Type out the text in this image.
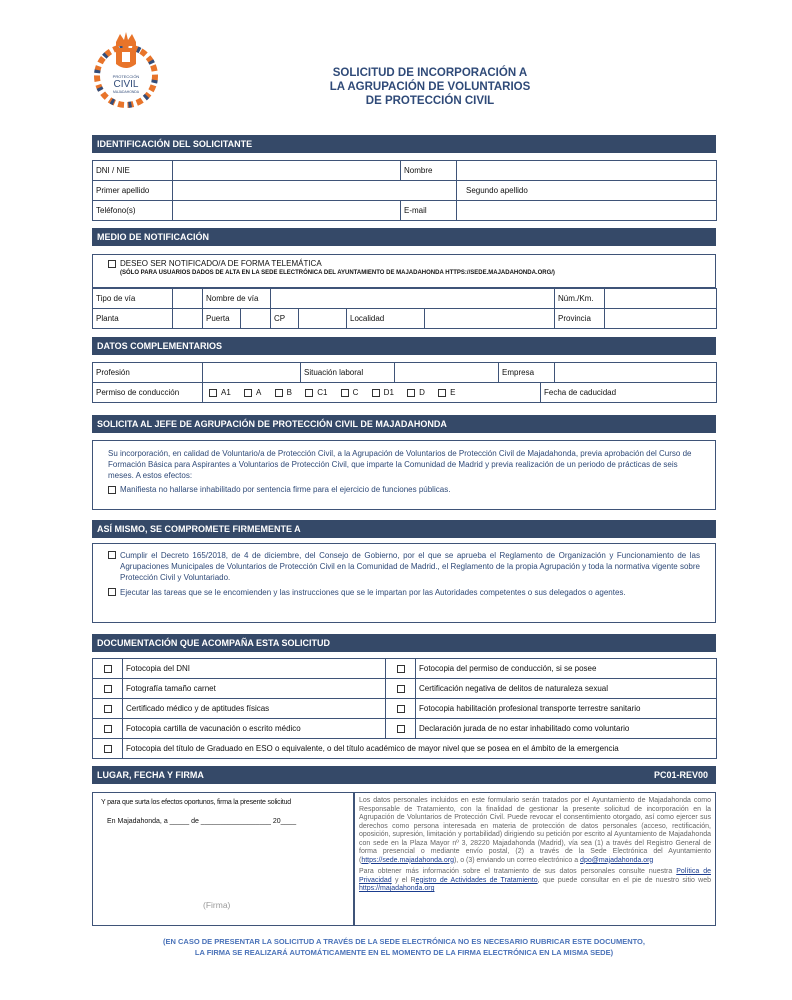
PROTECCIÓN
CIVIL
MAJADAHONDA
SOLICITUD DE INCORPORACIÓN A
LA AGRUPACIÓN DE VOLUNTARIOS
DE PROTECCIÓN CIVIL
IDENTIFICACIÓN DEL SOLICITANTE
DNI / NIE		Nombre	
Primer apellido			Segundo apellido
Teléfono(s)		E-mail	
MEDIO DE NOTIFICACIÓN
DESEO SER NOTIFICADO/A DE FORMA TELEMÁTICA
(SÓLO PARA USUARIOS DADOS DE ALTA EN LA SEDE ELECTRÓNICA DEL AYUNTAMIENTO DE MAJADAHONDA HTTPS://SEDE.MAJADAHONDA.ORG/)
Tipo de vía		Nombre de vía						Núm./Km.	
Planta		Puerta		CP		Localidad		Provincia	
DATOS COMPLEMENTARIOS
Profesión		Situación laboral		Empresa	
Permiso de conducción	A1	A	B	C1	C	D1	D	E	Fecha de caducidad
SOLICITA AL JEFE DE AGRUPACIÓN DE PROTECCIÓN CIVIL DE MAJADAHONDA
Su incorporación, en calidad de Voluntario/a de Protección Civil, a la Agrupación de Voluntarios de Protección Civil de Majadahonda, previa aprobación del Curso de Formación Básica para Aspirantes a Voluntarios de Protección Civil, que imparte la Comunidad de Madrid y previa realización de un periodo de prácticas de seis meses. A estos efectos:
Manifiesta no hallarse inhabilitado por sentencia firme para el ejercicio de funciones públicas.
ASÍ MISMO, SE COMPROMETE FIRMEMENTE A
Cumplir el Decreto 165/2018, de 4 de diciembre, del Consejo de Gobierno, por el que se aprueba el Reglamento de Organización y Funcionamiento de las Agrupaciones Municipales de Voluntarios de Protección Civil en la Comunidad de Madrid., el Reglamento de la propia Agrupación y toda la normativa vigente sobre Protección Civil y Voluntariado.
Ejecutar las tareas que se le encomienden y las instrucciones que se le impartan por las Autoridades competentes o sus delegados o agentes.
DOCUMENTACIÓN QUE ACOMPAÑA ESTA SOLICITUD
	Fotocopia del DNI		Fotocopia del permiso de conducción, si se posee
	Fotografía tamaño carnet		Certificación negativa de delitos de naturaleza sexual
	Certificado médico y de aptitudes físicas		Fotocopia habilitación profesional transporte terrestre sanitario
	Fotocopia cartilla de vacunación o escrito médico		Declaración jurada de no estar inhabilitado como voluntario
	Fotocopia del título de Graduado en ESO o equivalente, o del título académico de mayor nivel que se posea en el ámbito de la emergencia		
LUGAR, FECHA Y FIRMA	PC01-REV00
Y para que surta los efectos oportunos, firma la presente solicitud
En Majadahonda, a _____ de __________________ 20____
(Firma)
Los datos personales incluidos en este formulario serán tratados por el Ayuntamiento de Majadahonda como Responsable de Tratamiento, con la finalidad de gestionar la presente solicitud de incorporación en la Agrupación de Voluntarios de Protección Civil. Puede revocar el consentimiento otorgado, así como ejercer sus derechos como persona interesada en materia de protección de datos personales (acceso, rectificación, oposición, supresión, limitación y portabilidad) dirigiendo su petición por escrito al Ayuntamiento de Majadahonda con sede en la Plaza Mayor nº 3, 28220 Majadahonda (Madrid), vía sea (1) a través del Registro General de forma presencial o mediante envío postal, (2) a través de la Sede Electrónica del Ayuntamiento (https://sede.majadahonda.org), o (3) enviando un correo electrónico a dpo@majadahonda.org
Para obtener más información sobre el tratamiento de sus datos personales consulte nuestra Política de Privacidad y el Registro de Actividades de Tratamiento, que puede consultar en el pie de nuestro sitio web https://majadahonda.org
(EN CASO DE PRESENTAR LA SOLICITUD A TRAVÉS DE LA SEDE ELECTRÓNICA NO ES NECESARIO RUBRICAR ESTE DOCUMENTO,
LA FIRMA SE REALIZARÁ AUTOMÁTICAMENTE EN EL MOMENTO DE LA FIRMA ELECTRÓNICA EN LA MISMA SEDE)
